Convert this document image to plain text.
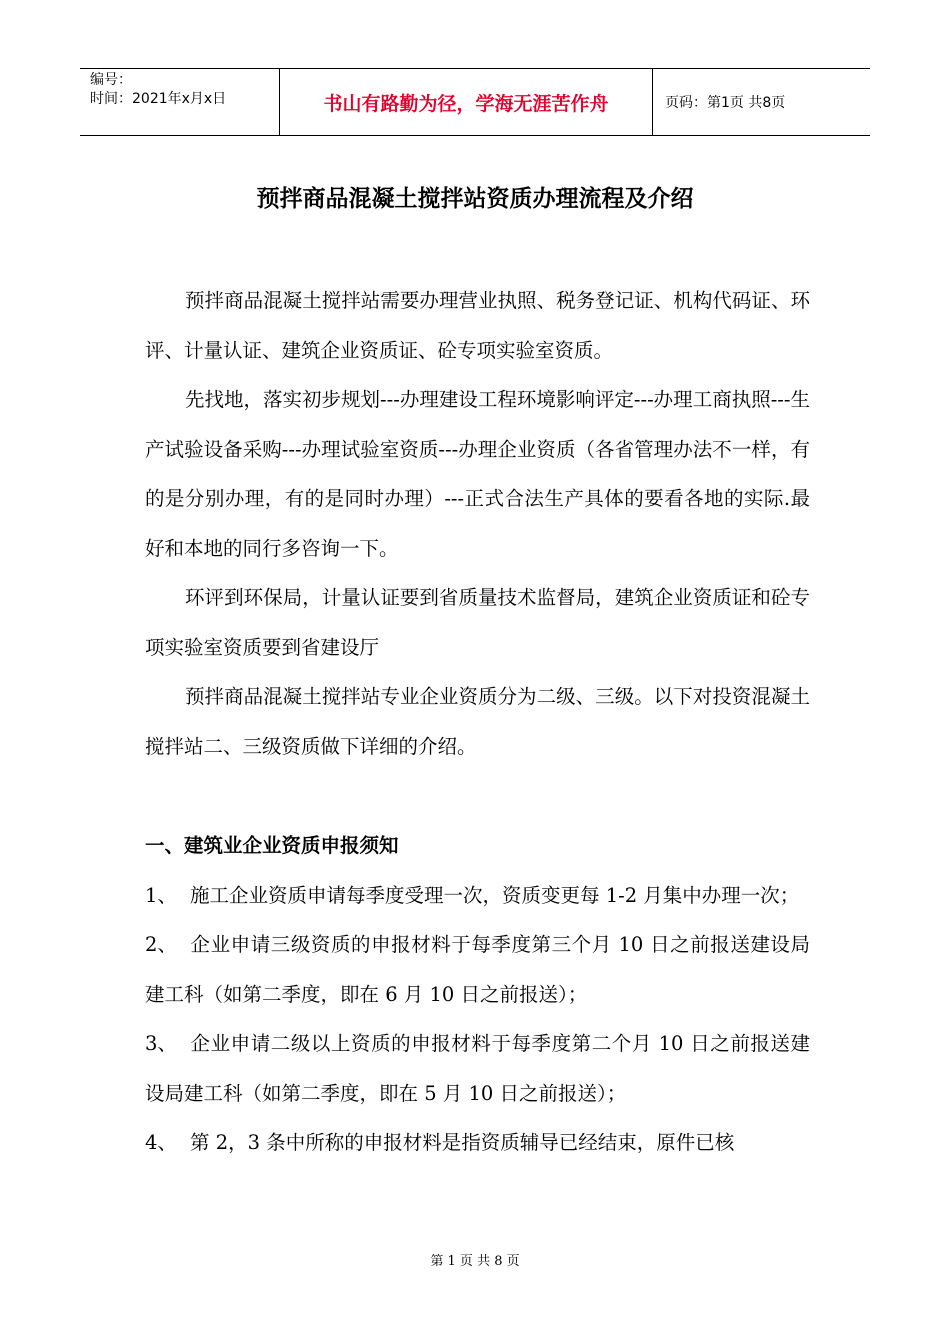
编号：
时间：2021年x月x日	书山有路勤为径，学海无涯苦作舟	页码：第1页 共8页
预拌商品混凝土搅拌站资质办理流程及介绍

预拌商品混凝土搅拌站需要办理营业执照、税务登记证、机构代码证、环评、计量认证、建筑企业资质证、砼专项实验室资质。

先找地，落实初步规划---办理建设工程环境影响评定---办理工商执照---生产试验设备采购---办理试验室资质---办理企业资质（各省管理办法不一样，有的是分别办理，有的是同时办理）---正式合法生产具体的要看各地的实际.最好和本地的同行多咨询一下。

环评到环保局，计量认证要到省质量技术监督局，建筑企业资质证和砼专项实验室资质要到省建设厅

预拌商品混凝土搅拌站专业企业资质分为二级、三级。以下对投资混凝土搅拌站二、三级资质做下详细的介绍。

一、建筑业企业资质申报须知

1、 施工企业资质申请每季度受理一次，资质变更每 1-2 月集中办理一次；

2、 企业申请三级资质的申报材料于每季度第三个月 10 日之前报送建设局建工科（如第二季度，即在 6 月 10 日之前报送）；

3、 企业申请二级以上资质的申报材料于每季度第二个月 10 日之前报送建设局建工科（如第二季度，即在 5 月 10 日之前报送）；

4、 第 2，3 条中所称的申报材料是指资质辅导已经结束，原件已核

第 1 页 共 8 页
